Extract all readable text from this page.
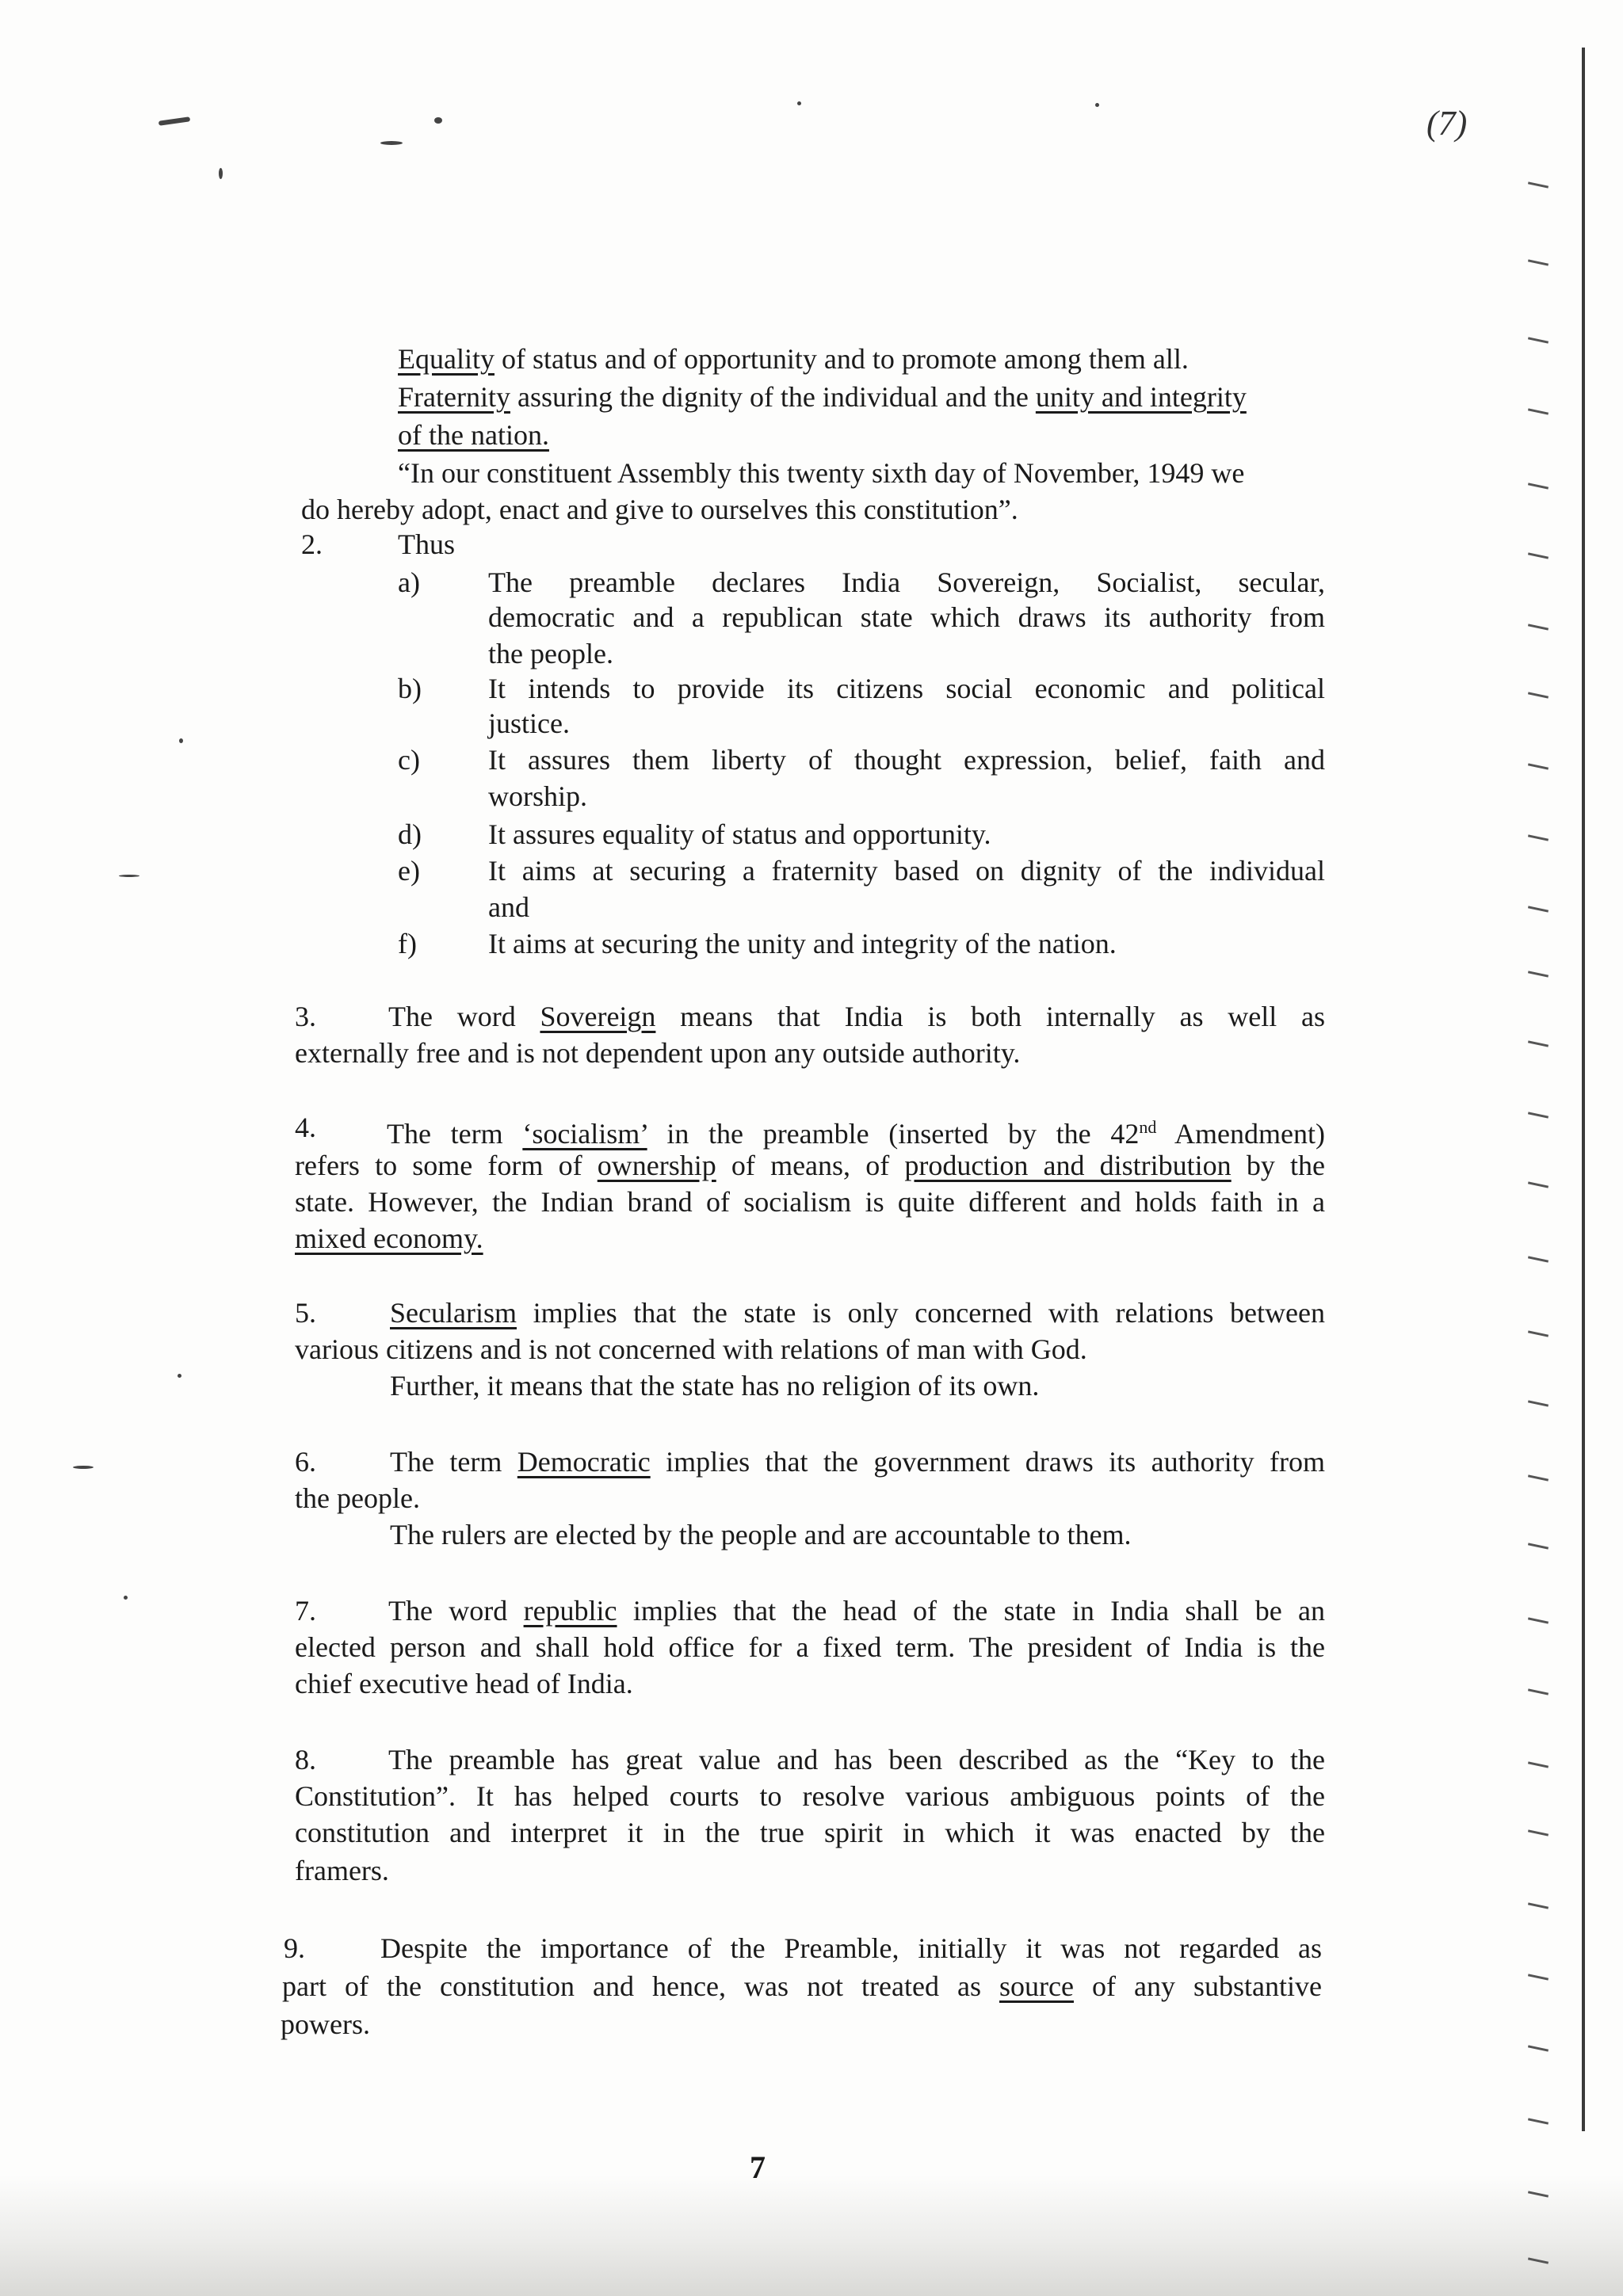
(7)
Equality of status and of opportunity and to promote among them all.
Fraternity assuring the dignity of the individual and the unity and integrity
of the nation.
“In our constituent Assembly this twenty sixth day of November, 1949 we
do hereby adopt, enact and give to ourselves this constitution”.
2.	Thus
a) The preamble declares India Sovereign, Socialist, secular,
democratic and a republican state which draws its authority from
the people.
b) It intends to provide its citizens social economic and political
justice.
c) It assures them liberty of thought expression, belief, faith and
worship.
d) It assures equality of status and opportunity.
e) It aims at securing a fraternity based on dignity of the individual
and
f)	It aims at securing the unity and integrity of the nation.
3.	The word Sovereign means that India is both internally as well as
externally free and is not dependent upon any outside authority.
4. The term ‘socialism’ in the preamble (inserted by the 42nd Amendment)
refers to some form of ownership of means, of production and distribution by the
state. However, the Indian brand of socialism is quite different and holds faith in a
mixed economy.
5.	Secularism implies that the state is only concerned with relations between
various citizens and is not concerned with relations of man with God.
Further, it means that the state has no religion of its own.
6.	The term Democratic implies that the government draws its authority from
the people.
The rulers are elected by the people and are accountable to them.
7.	The word republic implies that the head of the state in India shall be an
elected person and shall hold office for a fixed term. The president of India is the
chief executive head of India.
8.	The preamble has great value and has been described as the “Key to the
Constitution”. It has helped courts to resolve various ambiguous points of the
constitution and interpret it in the true spirit in which it was enacted by the
framers.
9.	Despite the importance of the Preamble, initially it was not regarded as
part of the constitution and hence, was not treated as source of any substantive
powers.
7
